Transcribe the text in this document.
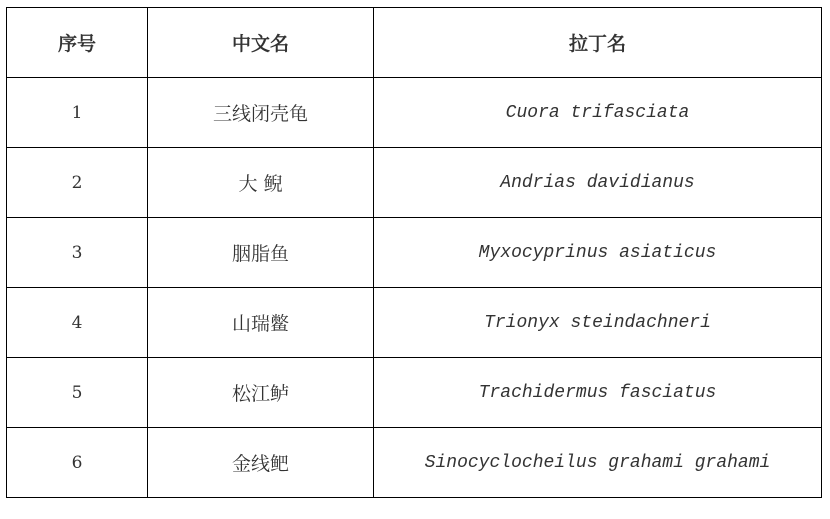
序号	中文名	拉丁名
1	三线闭壳龟	Cuora trifasciata
2	大 鲵	Andrias davidianus
3	胭脂鱼	Myxocyprinus asiaticus
4	山瑞鳖	Trionyx steindachneri
5	松江鲈	Trachidermus fasciatus
6	金线鲃	Sinocyclocheilus grahami grahami
